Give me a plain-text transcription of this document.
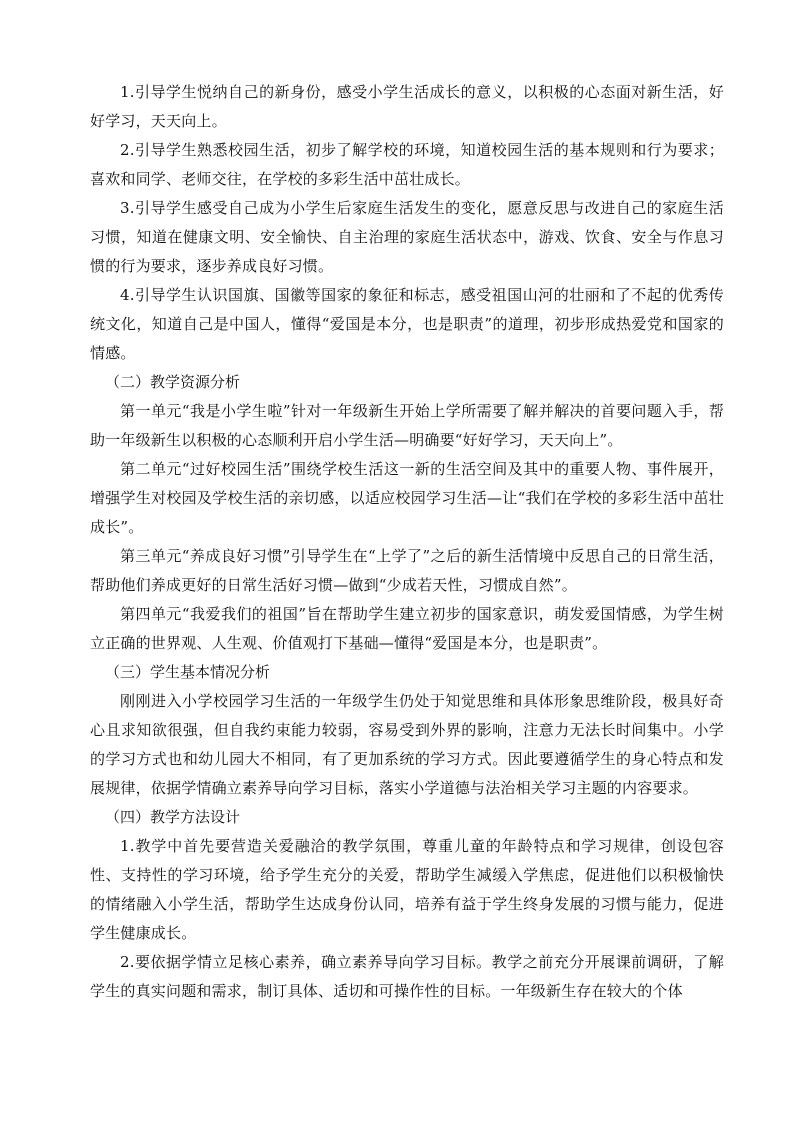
1.引导学生悦纳自己的新身份，感受小学生活成长的意义，以积极的心态面对新生活，好好学习，天天向上。

2.引导学生熟悉校园生活，初步了解学校的环境，知道校园生活的基本规则和行为要求；喜欢和同学、老师交往，在学校的多彩生活中茁壮成长。

3.引导学生感受自己成为小学生后家庭生活发生的变化，愿意反思与改进自己的家庭生活习惯，知道在健康文明、安全愉快、自主治理的家庭生活状态中，游戏、饮食、安全与作息习惯的行为要求，逐步养成良好习惯。

4.引导学生认识国旗、国徽等国家的象征和标志，感受祖国山河的壮丽和了不起的优秀传统文化，知道自己是中国人，懂得“爱国是本分，也是职责”的道理，初步形成热爱党和国家的情感。

（二）教学资源分析

第一单元“我是小学生啦”针对一年级新生开始上学所需要了解并解决的首要问题入手，帮助一年级新生以积极的心态顺利开启小学生活—明确要“好好学习，天天向上”。

第二单元“过好校园生活”围绕学校生活这一新的生活空间及其中的重要人物、事件展开，增强学生对校园及学校生活的亲切感，以适应校园学习生活—让“我们在学校的多彩生活中茁壮成长”。

第三单元“养成良好习惯”引导学生在“上学了”之后的新生活情境中反思自己的日常生活，帮助他们养成更好的日常生活好习惯—做到“少成若天性，习惯成自然”。

第四单元“我爱我们的祖国”旨在帮助学生建立初步的国家意识，萌发爱国情感，为学生树立正确的世界观、人生观、价值观打下基础—懂得“爱国是本分，也是职责”。

（三）学生基本情况分析

刚刚进入小学校园学习生活的一年级学生仍处于知觉思维和具体形象思维阶段，极具好奇心且求知欲很强，但自我约束能力较弱，容易受到外界的影响，注意力无法长时间集中。小学的学习方式也和幼儿园大不相同，有了更加系统的学习方式。因此要遵循学生的身心特点和发展规律，依据学情确立素养导向学习目标，落实小学道德与法治相关学习主题的内容要求。

（四）教学方法设计

1.教学中首先要营造关爱融洽的教学氛围，尊重儿童的年龄特点和学习规律，创设包容性、支持性的学习环境，给予学生充分的关爱，帮助学生减缓入学焦虑，促进他们以积极愉快的情绪融入小学生活，帮助学生达成身份认同，培养有益于学生终身发展的习惯与能力，促进学生健康成长。

2.要依据学情立足核心素养，确立素养导向学习目标。教学之前充分开展课前调研，了解学生的真实问题和需求，制订具体、适切和可操作性的目标。一年级新生存在较大的个体
